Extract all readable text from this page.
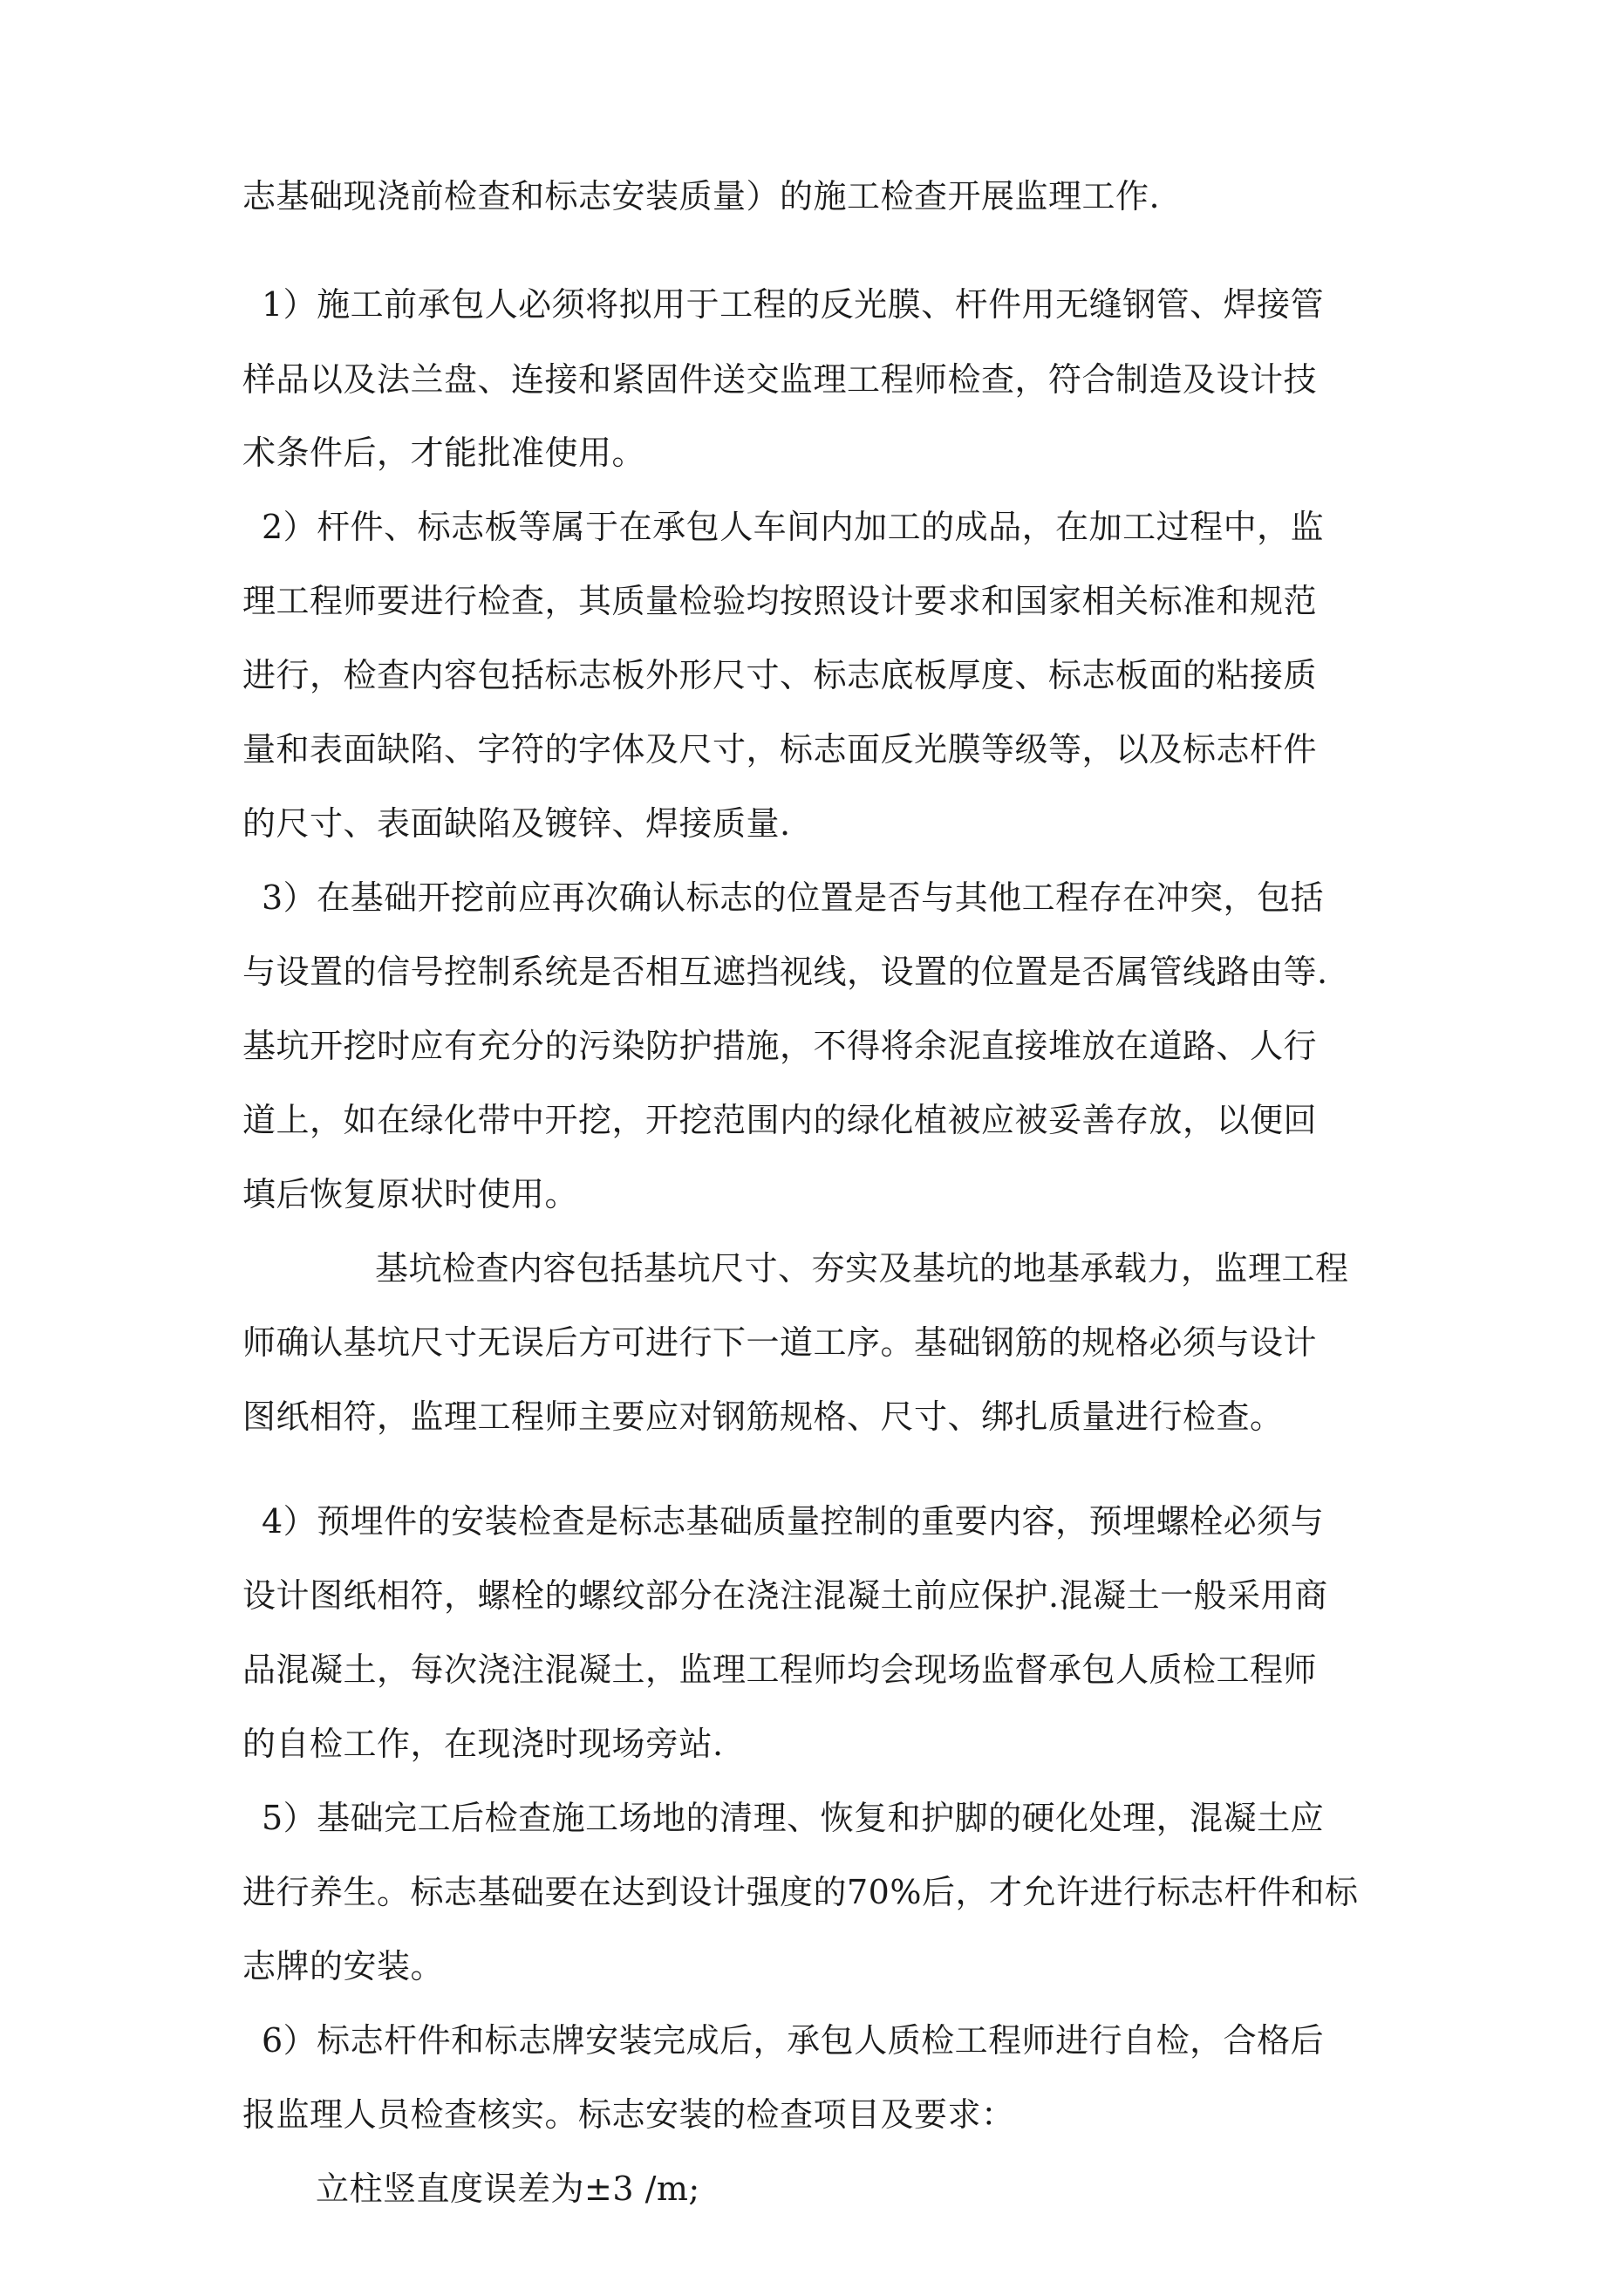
志基础现浇前检查和标志安装质量）的施工检查开展监理工作.
1）施工前承包人必须将拟用于工程的反光膜、杆件用无缝钢管、焊接管
样品以及法兰盘、连接和紧固件送交监理工程师检查，符合制造及设计技
术条件后，才能批准使用。
2）杆件、标志板等属于在承包人车间内加工的成品，在加工过程中，监
理工程师要进行检查，其质量检验均按照设计要求和国家相关标准和规范
进行，检查内容包括标志板外形尺寸、标志底板厚度、标志板面的粘接质
量和表面缺陷、字符的字体及尺寸，标志面反光膜等级等，以及标志杆件
的尺寸、表面缺陷及镀锌、焊接质量.
3）在基础开挖前应再次确认标志的位置是否与其他工程存在冲突，包括
与设置的信号控制系统是否相互遮挡视线，设置的位置是否属管线路由等.
基坑开挖时应有充分的污染防护措施，不得将余泥直接堆放在道路、人行
道上，如在绿化带中开挖，开挖范围内的绿化植被应被妥善存放，以便回
填后恢复原状时使用。
基坑检查内容包括基坑尺寸、夯实及基坑的地基承载力，监理工程
师确认基坑尺寸无误后方可进行下一道工序。基础钢筋的规格必须与设计
图纸相符，监理工程师主要应对钢筋规格、尺寸、绑扎质量进行检查。
4）预埋件的安装检查是标志基础质量控制的重要内容，预埋螺栓必须与
设计图纸相符，螺栓的螺纹部分在浇注混凝土前应保护.混凝土一般采用商
品混凝土，每次浇注混凝土，监理工程师均会现场监督承包人质检工程师
的自检工作，在现浇时现场旁站.
5）基础完工后检查施工场地的清理、恢复和护脚的硬化处理，混凝土应
进行养生。标志基础要在达到设计强度的70%后，才允许进行标志杆件和标
志牌的安装。
6）标志杆件和标志牌安装完成后，承包人质检工程师进行自检，合格后
报监理人员检查核实。标志安装的检查项目及要求：
立柱竖直度误差为±3 /m;
